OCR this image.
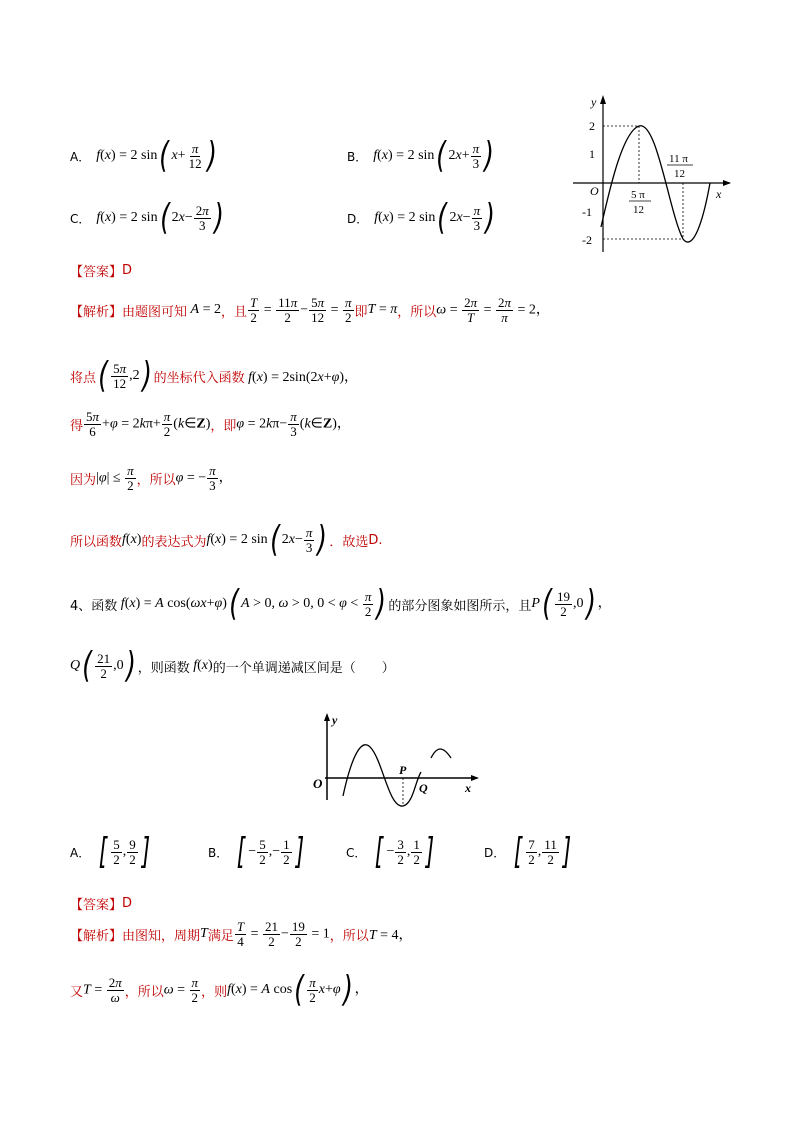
A． f(x) = 2 sin( $x+ \frac{\pi}{12}$ )	B． f(x) = 2 sin( $2x+ \frac{\pi}{3}$ )
C． f(x) = 2 sin( $2x- \frac{2\pi}{3}$ )	D． f(x) = 2 sin( $2x- \frac{\pi}{3}$ )
y
x
O
2
1
-1
-2
5 π
12
11 π
12
【答案】 D
【解析】 由题图可知 A = 2 ，且 $\frac{T}{2} = \frac{11\pi}{2} - \frac{5\pi}{12} = \frac{\pi}{2}$ 即 T = π ，所以 $\omega = \frac{2\pi}{T} = \frac{2\pi}{\pi} = 2$，
将点 ( $\frac{5\pi}{12} ,2$) 的坐标代入函数 f(x) = 2sin(2x+φ)，
得 $\frac{5\pi}{6} +\varphi = 2k\pi+ \frac{\pi}{2}$ (k∈Z) ，即 $\varphi = 2k\pi- \frac{\pi}{3}$ (k∈Z)，
因为 $|\varphi| \le \frac{\pi}{2}$ ，所以 φ = − $\frac{\pi}{3}$ ，
所以函数 f(x) 的表达式为 f(x) = 2 sin( $2x- \frac{\pi}{3}$ ) ．故选 D.
4、 函数 f(x) = A cos(ωx+φ) ( A > 0, ω > 0, $0 < \varphi < \frac{\pi}{2}$ ) 的部分图象如图所示，且 $P( \frac{19}{2} ,0)$ ，
$Q( \frac{21}{2} ,0)$ ，则函数 f(x) 的一个单调递减区间是（　　）
y
x
O
P
Q
A． [ $\frac{5}{2}$ , $\frac{9}{2}$ ]	B． [ − $\frac{5}{2}$ ,− $\frac{1}{2}$ ]	C． [ − $\frac{3}{2}$ , $\frac{1}{2}$ ]	D． [ $\frac{7}{2}$ , $\frac{11}{2}$ ]
【答案】 D
【解析】 由图知，周期 T 满足 $\frac{T}{4} = \frac{21}{2} - \frac{19}{2} = 1$ ，所以 T = 4，
又 $T = \frac{2\pi}{\omega}$ ，所以 $\omega = \frac{\pi}{2}$ ，则 f(x) = A $\cos( \frac{\pi}{2} x+\varphi)$ ，
